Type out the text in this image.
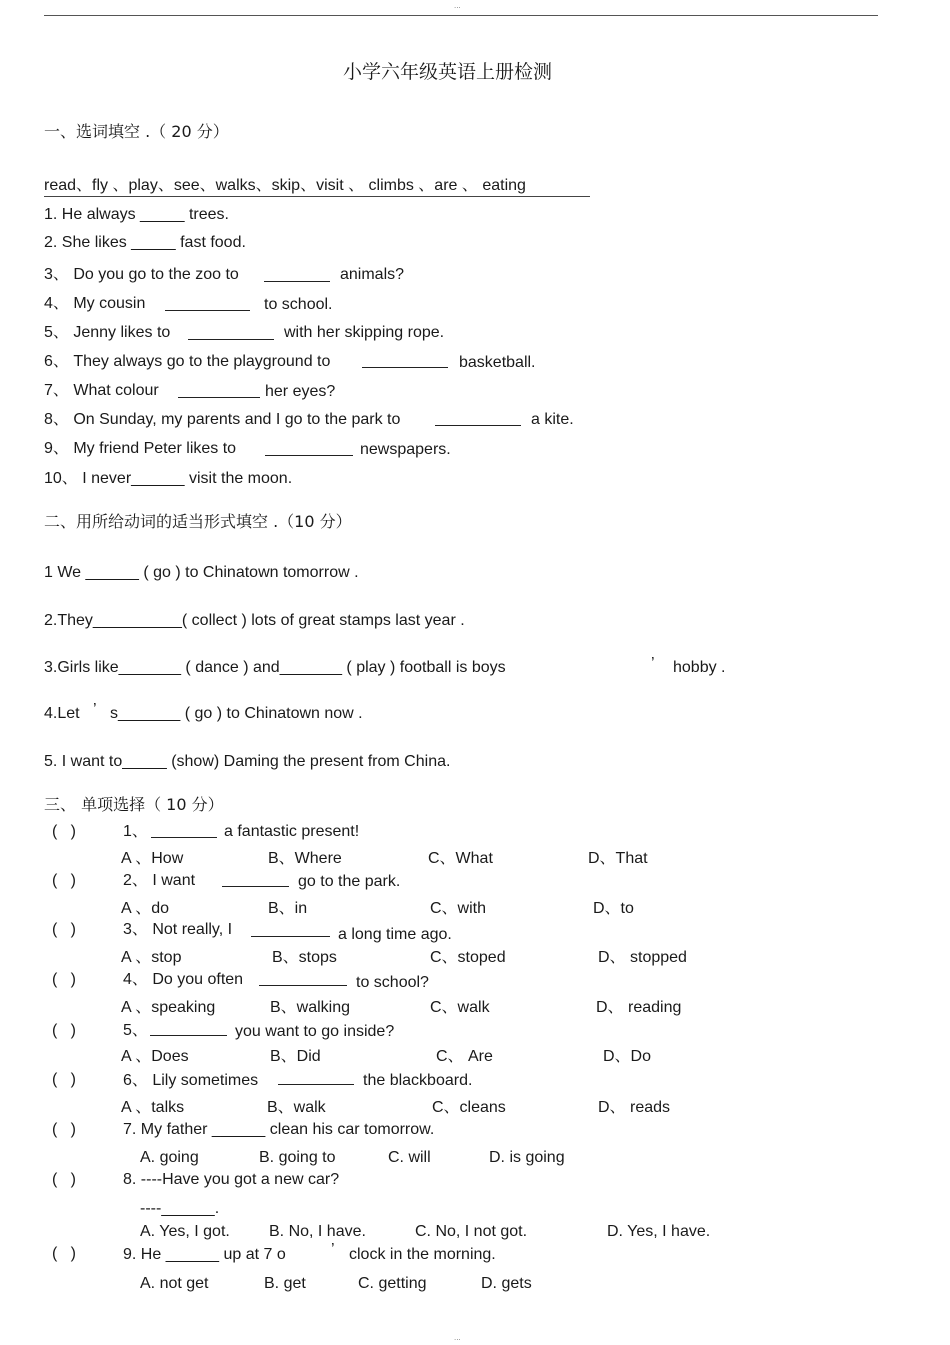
...
小学六年级英语上册检测
一、选词填空 .（ 20 分）
read、fly 、play、see、walks、skip、visit 、 climbs 、are 、 eating
1. He always _____ trees.
2. She likes _____ fast food.
3、 Do you go to the zoo to	animals?
4、 My cousin	to school.
5、 Jenny likes to	with her skipping rope.
6、 They always go to the playground to	basketball.
7、 What colour	her eyes?
8、 On Sunday, my parents and I go to the park to	a kite.
9、 My friend Peter likes to	newspapers.
10、 I never______ visit the moon.
二、用所给动词的适当形式填空 .（10 分）
1 We ______ ( go ) to Chinatown tomorrow .
2.They__________( collect ) lots of great stamps last year .
3.Girls like_______ ( dance ) and_______ ( play ) football is boys	’ hobby .
4.Let ’ s_______ ( go ) to Chinatown now .
5. I want to_____ (show) Daming the present from China.
三、 单项选择（ 10 分）
(   )	1、	a fantastic present!
A 、How	B、Where	C、What	D、That
(   )	2、 I want	go to the park.
A 、do	B、in	C、with	D、to
(   )	3、 Not really, I	a long time ago.
A 、stop	B、stops	C、stoped	D、 stopped
(   )	4、 Do you often	to school?
A 、speaking	B、walking	C、walk	D、 reading
(   )	5、	you want to go inside?
A 、Does	B、Did	C、 Are	D、Do
(   )	6、 Lily sometimes	the blackboard.
A 、talks	B、walk	C、cleans	D、 reads
(   )	7. My father ______ clean his car tomorrow.
A. going	B. going to	C. will	D. is going
(   )	8. ----Have you got a new car?
----______.
A. Yes, I got. B. No, I have.	C. No, I not got.	D. Yes, I have.
(   )	9. He ______ up at 7 o	’ clock in the morning.
A. not get	B. get	C. getting	D. gets
...
